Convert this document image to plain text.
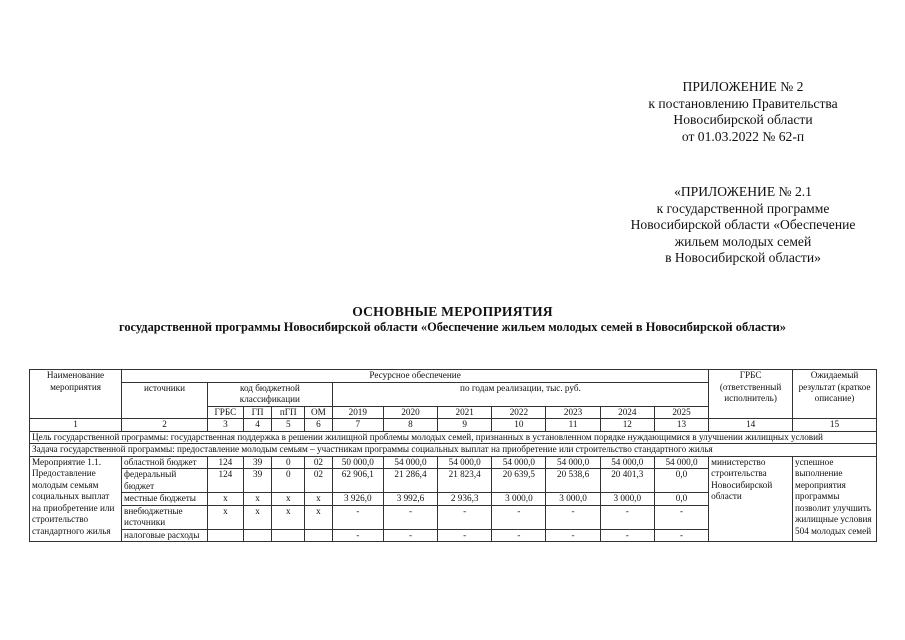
ПРИЛОЖЕНИЕ № 2
к постановлению Правительства
Новосибирской области
от 01.03.2022 № 62-п
«ПРИЛОЖЕНИЕ № 2.1
к государственной программе
Новосибирской области «Обеспечение
жильем молодых семей
в Новосибирской области»
ОСНОВНЫЕ МЕРОПРИЯТИЯ
государственной программы Новосибирской области «Обеспечение жильем молодых семей в Новосибирской области»
Наименование мероприятия	Ресурсное обеспечение												ГРБС (ответственный исполнитель)	Ожидаемый результат (краткое описание)
	источники	код бюджетной классификации				по годам реализации, тыс. руб.								
		ГРБС	ГП	пГП	ОМ	2019	2020	2021	2022	2023	2024	2025		
1	2	3	4	5	6	7	8	9	10	11	12	13	14	15
Цель государственной программы: государственная поддержка в решении жилищной проблемы молодых семей, признанных в установленном порядке нуждающимися в улучшении жилищных условий														
Задача государственной программы: предоставление молодым семьям – участникам программы социальных выплат на приобретение или строительство стандартного жилья														
Мероприятие 1.1. Предоставление молодым семьям социальных выплат на приобретение или строительство стандартного жилья	областной бюджет	124	39	0	02	50 000,0	54 000,0	54 000,0	54 000,0	54 000,0	54 000,0	54 000,0	министерство строительства Новосибирской области	успешное выполнение мероприятия программы позволит улучшить жилищные условия 504 молодых семей
	федеральный бюджет	124	39	0	02	62 906,1	21 286,4	21 823,4	20 639,5	20 538,6	20 401,3	0,0		
	местные бюджеты	x	x	x	x	3 926,0	3 992,6	2 936,3	3 000,0	3 000,0	3 000,0	0,0		
	внебюджетные источники	x	x	x	x	-	-	-	-	-	-	-		
	налоговые расходы					-	-	-	-	-	-	-		
